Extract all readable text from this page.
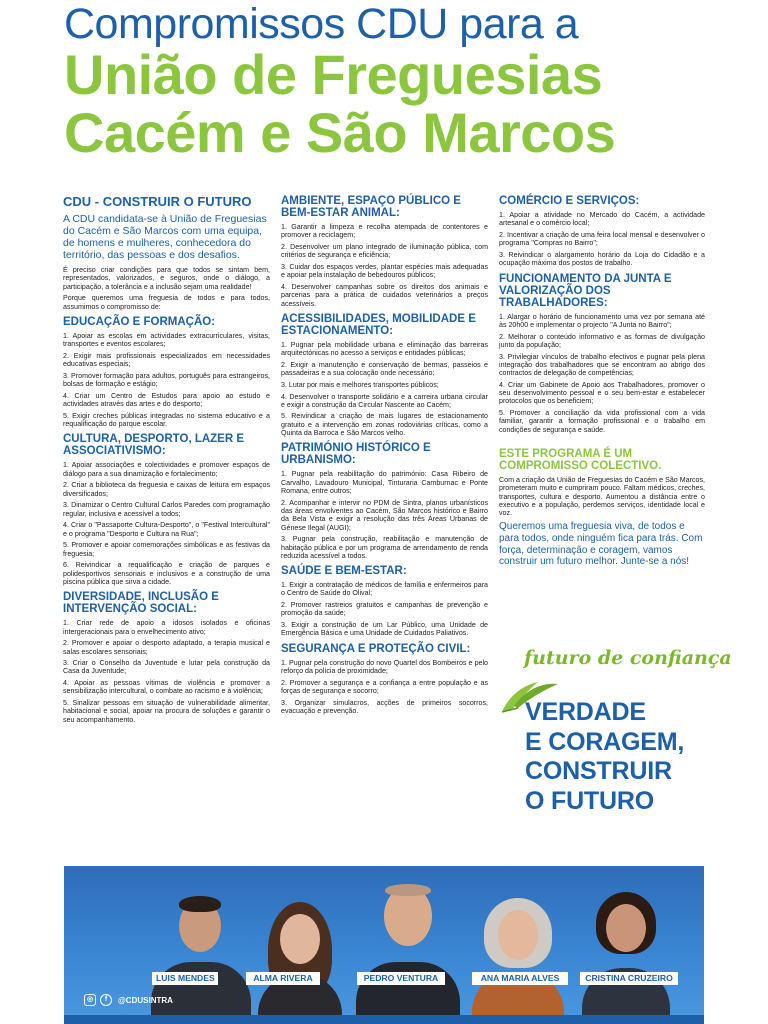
Compromissos CDU para a
União de Freguesias
Cacém e São Marcos
CDU - CONSTRUIR O FUTURO
A CDU candidata-se à União de Freguesias do Cacém e São Marcos com uma equipa, de homens e mulheres, conhecedora do território, das pessoas e dos desafios.
É preciso criar condições para que todos se sintam bem, representados, valorizados, e seguros, onde o diálogo, a participação, a tolerância e a inclusão sejam uma realidade!
Porque queremos uma freguesia de todos e para todos, assumimos o compromisso de:
EDUCAÇÃO E FORMAÇÃO:
1. Apoiar as escolas em actividades extracurriculares, visitas, transportes e eventos escolares;
2. Exigir mais profissionais especializados em necessidades educativas especiais;
3. Promover formação para adultos, português para estrangeiros, bolsas de formação e estágio;
4. Criar um Centro de Estudos para apoio ao estudo e actividades através das artes e do desporto;
5. Exigir creches públicas integradas no sistema educativo e a requalificação do parque escolar.
CULTURA, DESPORTO, LAZER E ASSOCIATIVISMO:
1. Apoiar associações e colectividades e promover espaços de diálogo para a sua dinamização e fortalecimento;
2. Criar a biblioteca da freguesia e caixas de leitura em espaços diversificados;
3. Dinamizar o Centro Cultural Carlos Paredes com programação regular, inclusiva e acessível a todos;
4. Criar o "Passaporte Cultura-Desporto", o "Festival Intercultural" e o programa "Desporto e Cultura na Rua";
5. Promover e apoiar comemorações simbólicas e as festivas da freguesia;
6. Reivindicar a requalificação e criação de parques e polidesportivos sensoriais e inclusivos e a construção de uma piscina pública que sirva a cidade.
DIVERSIDADE, INCLUSÃO E INTERVENÇÃO SOCIAL:
1. Criar rede de apoio a idosos isolados e oficinas intergeracionais para o envelhecimento ativo;
2. Promover e apoiar o desporto adaptado, a terapia musical e salas escolares sensoriais;
3. Criar o Conselho da Juventude e lutar pela construção da Casa da Juventude;
4. Apoiar as pessoas vítimas de violência e promover a sensibilização intercultural, o combate ao racismo e à violência;
5. Sinalizar pessoas em situação de vulnerabilidade alimentar, habitacional e social, apoiar na procura de soluções e garantir o seu acompanhamento.
AMBIENTE, ESPAÇO PÚBLICO E BEM-ESTAR ANIMAL:
1. Garantir a limpeza e recolha atempada de contentores e promover a reciclagem;
2. Desenvolver um plano integrado de iluminação pública, com critérios de segurança e eficiência;
3. Cuidar dos espaços verdes, plantar espécies mais adequadas e apoiar pela instalação de bebedouros públicos;
4. Desenvolver campanhas sobre os direitos dos animais e parcerias para a prática de cuidados veterinários a preços acessíveis.
ACESSIBILIDADES, MOBILIDADE E ESTACIONAMENTO:
1. Pugnar pela mobilidade urbana e eliminação das barreiras arquitectónicas no acesso a serviços e entidades públicas;
2. Exigir a manutenção e conservação de bermas, passeios e passadeiras e a sua colocação onde necessário;
3. Lutar por mais e melhores transportes públicos;
4. Desenvolver o transporte solidário e a carreira urbana circular e exigir a construção da Circular Nascente ao Cacém;
5. Reivindicar a criação de mais lugares de estacionamento gratuito e a intervenção em zonas rodoviárias críticas, como a Quinta da Barroca e São Marcos velho.
PATRIMÓNIO HISTÓRICO E URBANISMO:
1. Pugnar pela reabilitação do património: Casa Ribeiro de Carvalho, Lavadouro Municipal, Tinturaria Camburnac e Ponte Romana, entre outros;
2. Acompanhar e intervir no PDM de Sintra, planos urbanísticos das áreas envolventes ao Cacém, São Marcos histórico e Bairro da Bela Vista e exigir a resolução das três Áreas Urbanas de Génese Ilegal (AUGI);
3. Pugnar pela construção, reabilitação e manutenção de habitação pública e por um programa de arrendamento de renda reduzida acessível a todos.
SAÚDE E BEM-ESTAR:
1. Exigir a contratação de médicos de família e enfermeiros para o Centro de Saúde do Olival;
2. Promover rastreios gratuitos e campanhas de prevenção e promoção da saúde;
3. Exigir a construção de um Lar Público, uma Unidade de Emergência Básica e uma Unidade de Cuidados Paliativos.
SEGURANÇA E PROTEÇÃO CIVIL:
1. Pugnar pela construção do novo Quartel dos Bombeiros e pelo reforço da polícia de proximidade;
2. Promover a segurança e a confiança a entre população e as forças de segurança e socorro;
3. Organizar simulacros, acções de primeiros socorros, evacuação e prevenção.
COMÉRCIO E SERVIÇOS:
1. Apoiar a atividade no Mercado do Cacém, a actividade artesanal e o comércio local;
2. Incentivar a criação de uma feira local mensal e desenvolver o programa "Compras no Bairro";
3. Reivindicar o alargamento horário da Loja do Cidadão e a ocupação máxima dos postos de trabalho.
FUNCIONAMENTO DA JUNTA E VALORIZAÇÃO DOS TRABALHADORES:
1. Alargar o horário de funcionamento uma vez por semana até às 20h00 e implementar o projecto "A Junta no Bairro";
2. Melhorar o conteúdo informativo e as formas de divulgação junto da população;
3. Privilegiar vínculos de trabalho efectivos e pugnar pela plena integração dos trabalhadores que se encontram ao abrigo dos contractos de delegação de competências;
4. Criar um Gabinete de Apoio aos Trabalhadores, promover o seu desenvolvimento pessoal e o seu bem-estar e estabelecer protocolos que os beneficiem;
5. Promover a conciliação da vida profissional com a vida familiar, garantir a formação profissional e o trabalho em condições de segurança e saúde.
ESTE PROGRAMA É UM COMPROMISSO COLECTIVO.
Com a criação da União de Freguesias do Cacém e São Marcos, prometeram muito e cumpriram pouco. Faltam médicos, creches, transportes, cultura e desporto. Aumentou a distância entre o executivo e a população, perdemos serviços, identidade local e voz.
Queremos uma freguesia viva, de todos e para todos, onde ninguém fica para trás. Com força, determinação e coragem, vamos construir um futuro melhor. Junte-se a nós!
futuro de confiança
VERDADE
E CORAGEM,
CONSTRUIR
O FUTURO
LUIS MENDES	ALMA RIVERA	PEDRO VENTURA	ANA MARIA ALVES	CRISTINA CRUZEIRO
◎	f	@CDUSINTRA
